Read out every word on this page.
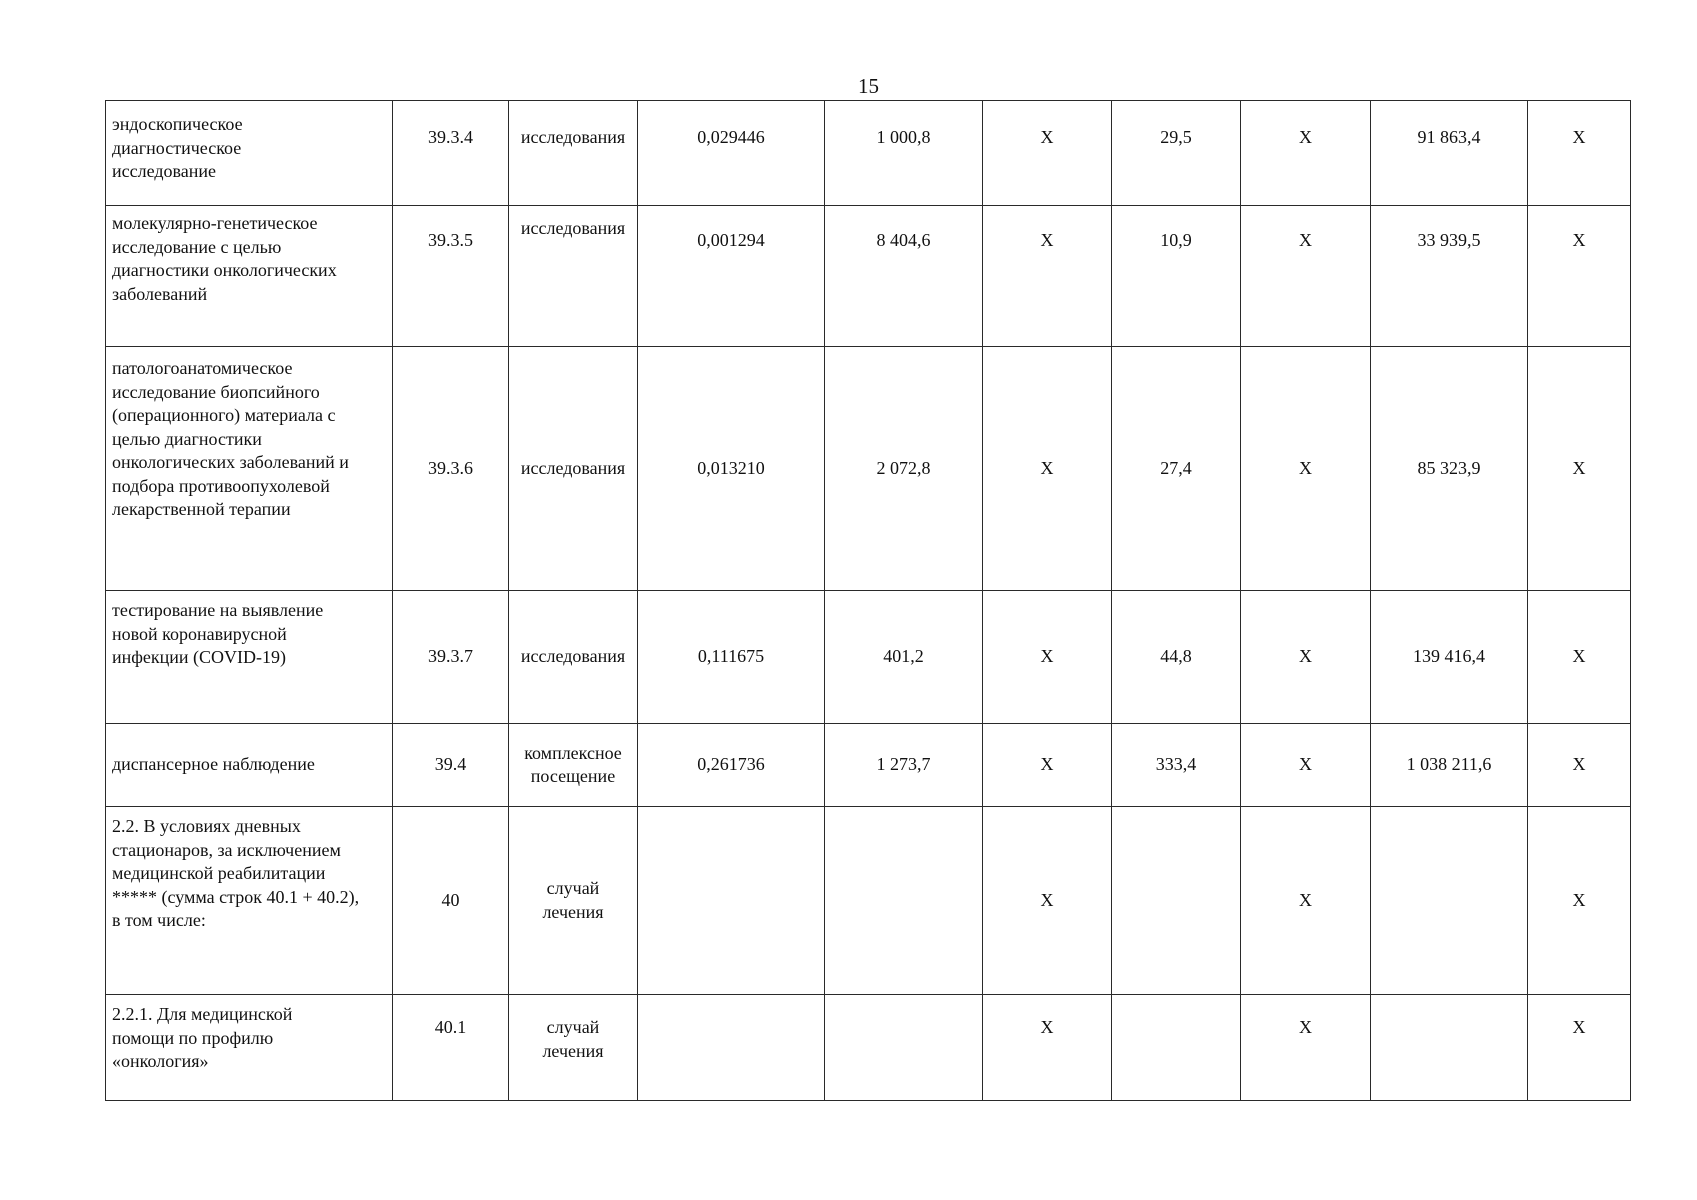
15
эндоскопическое диагностическое исследование	39.3.4	исследования	0,029446	1 000,8	Х	29,5	Х	91 863,4	Х
молекулярно-генетическое исследование с целью диагностики онкологических заболеваний	39.3.5	исследования	0,001294	8 404,6	Х	10,9	Х	33 939,5	Х
патологоанатомическое исследование биопсийного (операционного) материала с целью диагностики онкологических заболеваний и подбора противоопухолевой лекарственной терапии	39.3.6	исследования	0,013210	2 072,8	Х	27,4	Х	85 323,9	Х
тестирование на выявление новой коронавирусной инфекции (COVID-19)	39.3.7	исследования	0,111675	401,2	Х	44,8	Х	139 416,4	Х
диспансерное наблюдение	39.4	комплексное посещение	0,261736	1 273,7	Х	333,4	Х	1 038 211,6	Х
2.2. В условиях дневных стационаров, за исключением медицинской реабилитации ***** (сумма строк 40.1 + 40.2), в том числе:	40	случай лечения			Х		Х		Х
2.2.1. Для медицинской помощи по профилю «онкология»	40.1	случай лечения			Х		Х		Х
